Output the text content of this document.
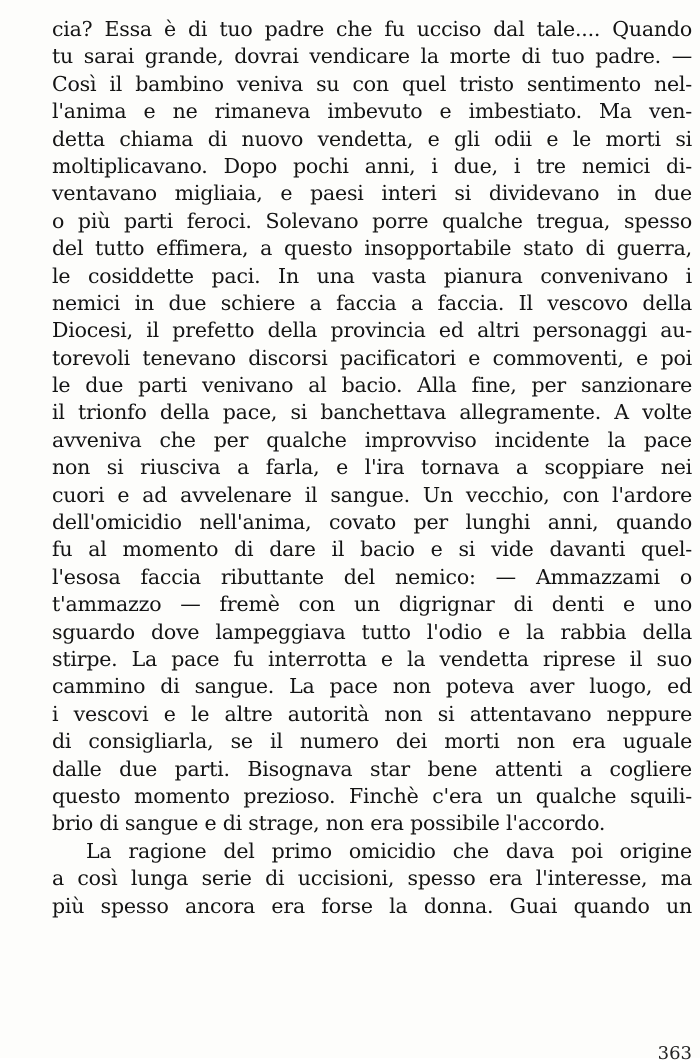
cia? Essa è di tuo padre che fu ucciso dal tale.... Quando
tu sarai grande, dovrai vendicare la morte di tuo padre. —
Così il bambino veniva su con quel tristo sentimento nel-
l'anima e ne rimaneva imbevuto e imbestiato. Ma ven-
detta chiama di nuovo vendetta, e gli odii e le morti si
moltiplicavano. Dopo pochi anni, i due, i tre nemici di-
ventavano migliaia, e paesi interi si dividevano in due
o più parti feroci. Solevano porre qualche tregua, spesso
del tutto effimera, a questo insopportabile stato di guerra,
le cosiddette paci. In una vasta pianura convenivano i
nemici in due schiere a faccia a faccia. Il vescovo della
Diocesi, il prefetto della provincia ed altri personaggi au-
torevoli tenevano discorsi pacificatori e commoventi, e poi
le due parti venivano al bacio. Alla fine, per sanzionare
il trionfo della pace, si banchettava allegramente. A volte
avveniva che per qualche improvviso incidente la pace
non si riusciva a farla, e l'ira tornava a scoppiare nei
cuori e ad avvelenare il sangue. Un vecchio, con l'ardore
dell'omicidio nell'anima, covato per lunghi anni, quando
fu al momento di dare il bacio e si vide davanti quel-
l'esosa faccia ributtante del nemico: — Ammazzami o
t'ammazzo — fremè con un digrignar di denti e uno
sguardo dove lampeggiava tutto l'odio e la rabbia della
stirpe. La pace fu interrotta e la vendetta riprese il suo
cammino di sangue. La pace non poteva aver luogo, ed
i vescovi e le altre autorità non si attentavano neppure
di consigliarla, se il numero dei morti non era uguale
dalle due parti. Bisognava star bene attenti a cogliere
questo momento prezioso. Finchè c'era un qualche squili-
brio di sangue e di strage, non era possibile l'accordo.
La ragione del primo omicidio che dava poi origine
a così lunga serie di uccisioni, spesso era l'interesse, ma
più spesso ancora era forse la donna. Guai quando un
363
